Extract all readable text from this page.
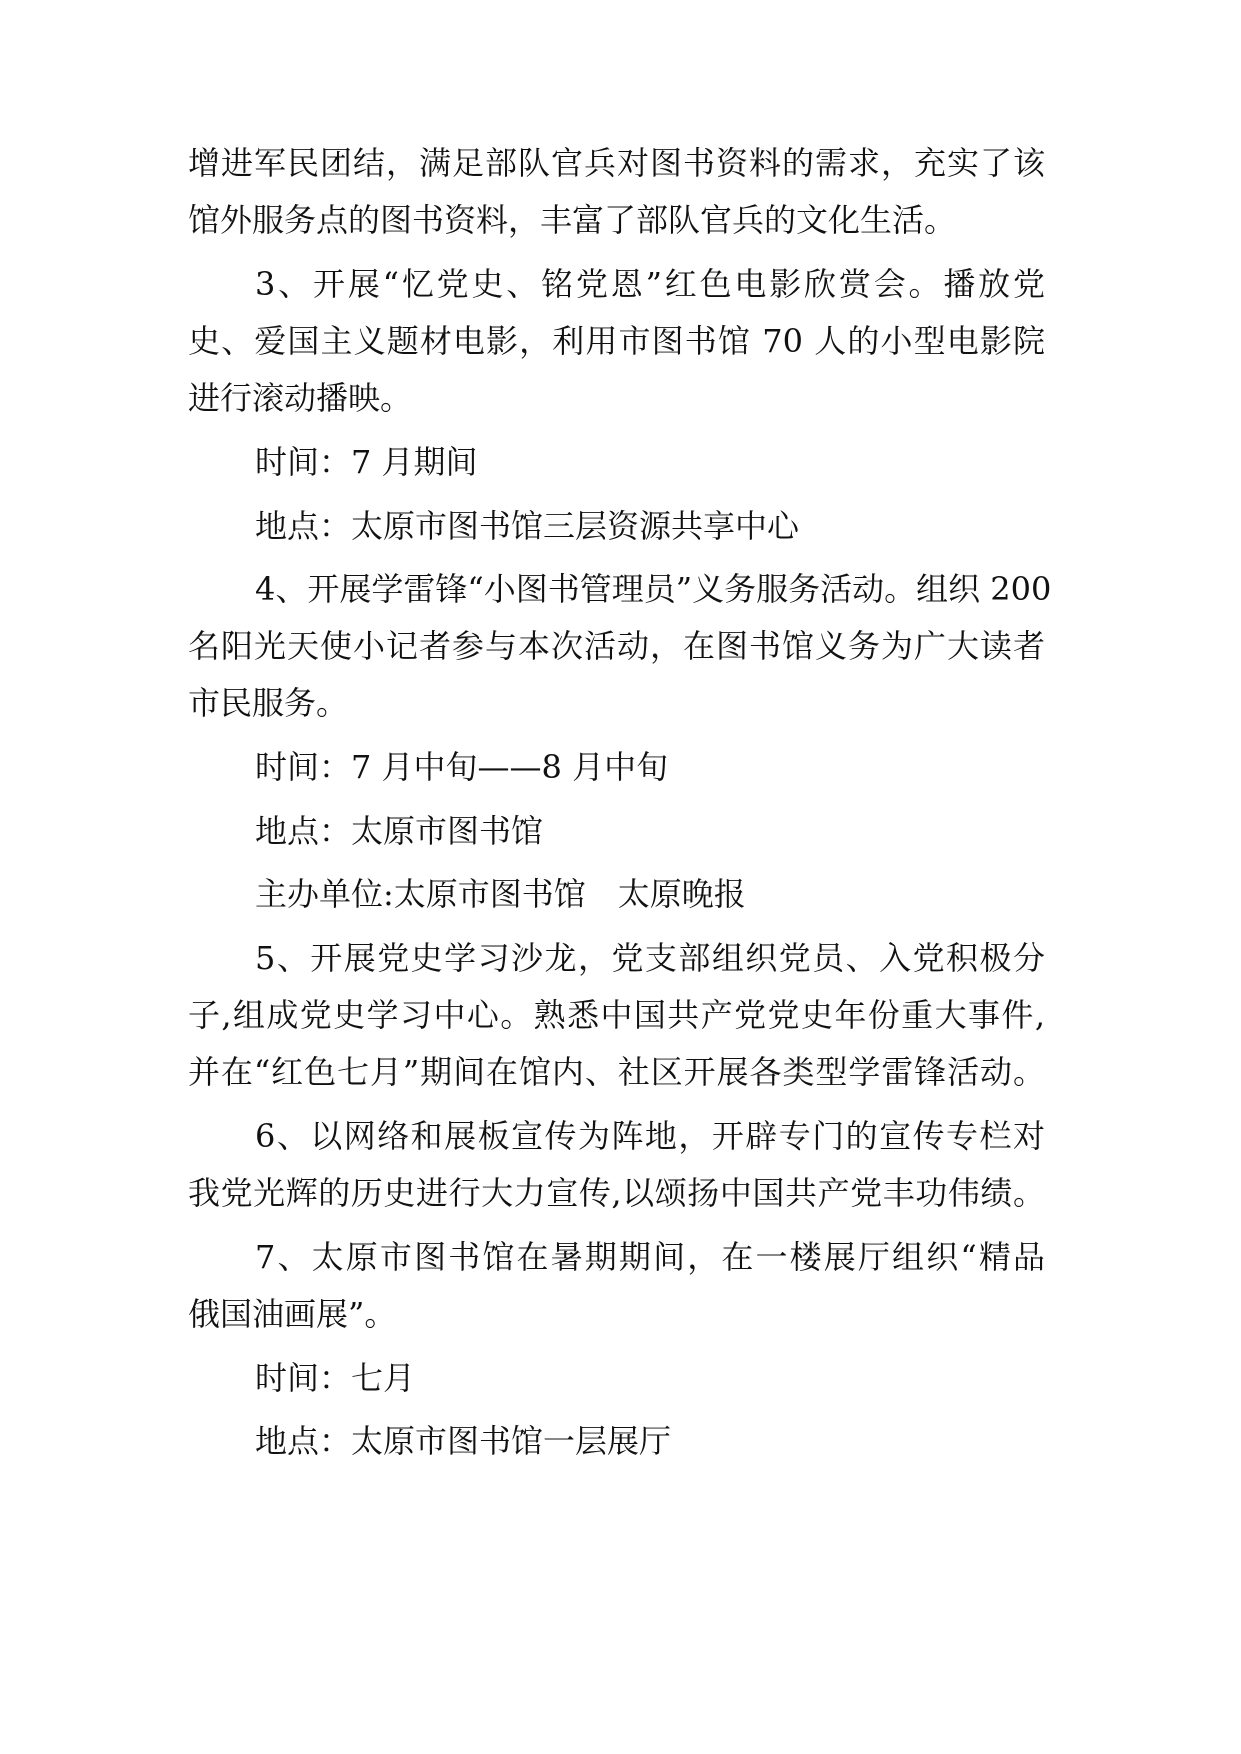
增进军民团结，满足部队官兵对图书资料的需求，充实了该

馆外服务点的图书资料，丰富了部队官兵的文化生活。

3、开展“忆党史、铭党恩”红色电影欣赏会。播放党

史、爱国主义题材电影，利用市图书馆 70 人的小型电影院

进行滚动播映。

时间：7 月期间

地点：太原市图书馆三层资源共享中心

4、开展学雷锋“小图书管理员”义务服务活动。组织 200

名阳光天使小记者参与本次活动，在图书馆义务为广大读者

市民服务。

时间：7 月中旬——8 月中旬

地点：太原市图书馆

主办单位:太原市图书馆　太原晚报

5、开展党史学习沙龙，党支部组织党员、入党积极分

子,组成党史学习中心。熟悉中国共产党党史年份重大事件,

并在“红色七月”期间在馆内、社区开展各类型学雷锋活动。

6、以网络和展板宣传为阵地，开辟专门的宣传专栏对

我党光辉的历史进行大力宣传,以颂扬中国共产党丰功伟绩。

7、太原市图书馆在暑期期间，在一楼展厅组织“精品

俄国油画展”。

时间：七月

地点：太原市图书馆一层展厅
